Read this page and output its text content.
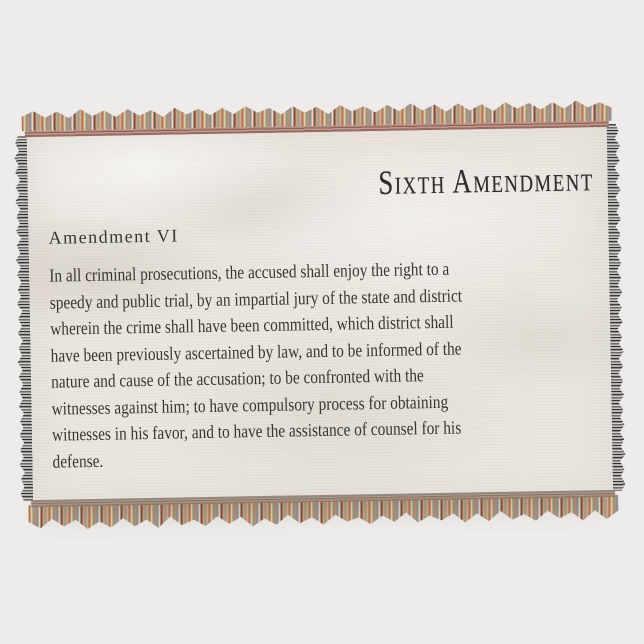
Sixth Amendment
Amendment VI
In all criminal prosecutions, the accused shall enjoy the right to a
speedy and public trial, by an impartial jury of the state and district
wherein the crime shall have been committed, which district shall
have been previously ascertained by law, and to be informed of the
nature and cause of the accusation; to be confronted with the
witnesses against him; to have compulsory process for obtaining
witnesses in his favor, and to have the assistance of counsel for his
defense.
